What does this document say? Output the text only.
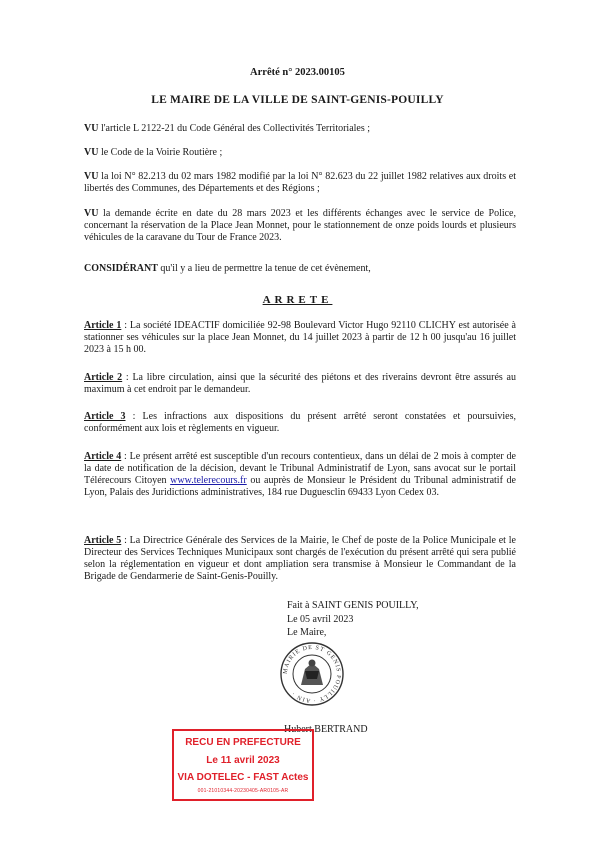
Arrêté n° 2023.00105
LE MAIRE DE LA VILLE DE SAINT-GENIS-POUILLY
VU l'article L 2122-21 du Code Général des Collectivités Territoriales ;
VU le Code de la Voirie Routière ;
VU la loi N° 82.213 du 02 mars 1982 modifié par la loi N° 82.623 du 22 juillet 1982 relatives aux droits et libertés des Communes, des Départements et des Régions ;
VU la demande écrite en date du 28 mars 2023 et les différents échanges avec le service de Police, concernant la réservation de la Place Jean Monnet, pour le stationnement de onze poids lourds et plusieurs véhicules de la caravane du Tour de France 2023.
CONSIDÉRANT qu'il y a lieu de permettre la tenue de cet évènement,
ARRETE
Article 1 : La société IDEACTIF domiciliée 92-98 Boulevard Victor Hugo 92110 CLICHY est autorisée à stationner ses véhicules sur la place Jean Monnet, du 14 juillet 2023 à partir de 12 h 00 jusqu'au 16 juillet 2023 à 15 h 00.
Article 2 : La libre circulation, ainsi que la sécurité des piétons et des riverains devront être assurés au maximum à cet endroit par le demandeur.
Article 3 : Les infractions aux dispositions du présent arrêté seront constatées et poursuivies, conformément aux lois et règlements en vigueur.
Article 4 : Le présent arrêté est susceptible d'un recours contentieux, dans un délai de 2 mois à compter de la date de notification de la décision, devant le Tribunal Administratif de Lyon, sans avocat sur le portail Télérecours Citoyen www.telerecours.fr ou auprès de Monsieur le Président du Tribunal administratif de Lyon, Palais des Juridictions administratives, 184 rue Duguesclin 69433 Lyon Cedex 03.
Article 5 : La Directrice Générale des Services de la Mairie, le Chef de poste de la Police Municipale et le Directeur des Services Techniques Municipaux sont chargés de l'exécution du présent arrêté qui sera publié selon la réglementation en vigueur et dont ampliation sera transmise à Monsieur le Commandant de la Brigade de Gendarmerie de Saint-Genis-Pouilly.
Fait à SAINT GENIS POUILLY,
Le 05 avril 2023
Le Maire,
MAIRIE DE ST GENIS POUILLY · AIN ·
Hubert BERTRAND
RECU EN PREFECTURE
Le 11 avril 2023
VIA DOTELEC - FAST Actes
001-21010344-20230405-AR0105-AR
